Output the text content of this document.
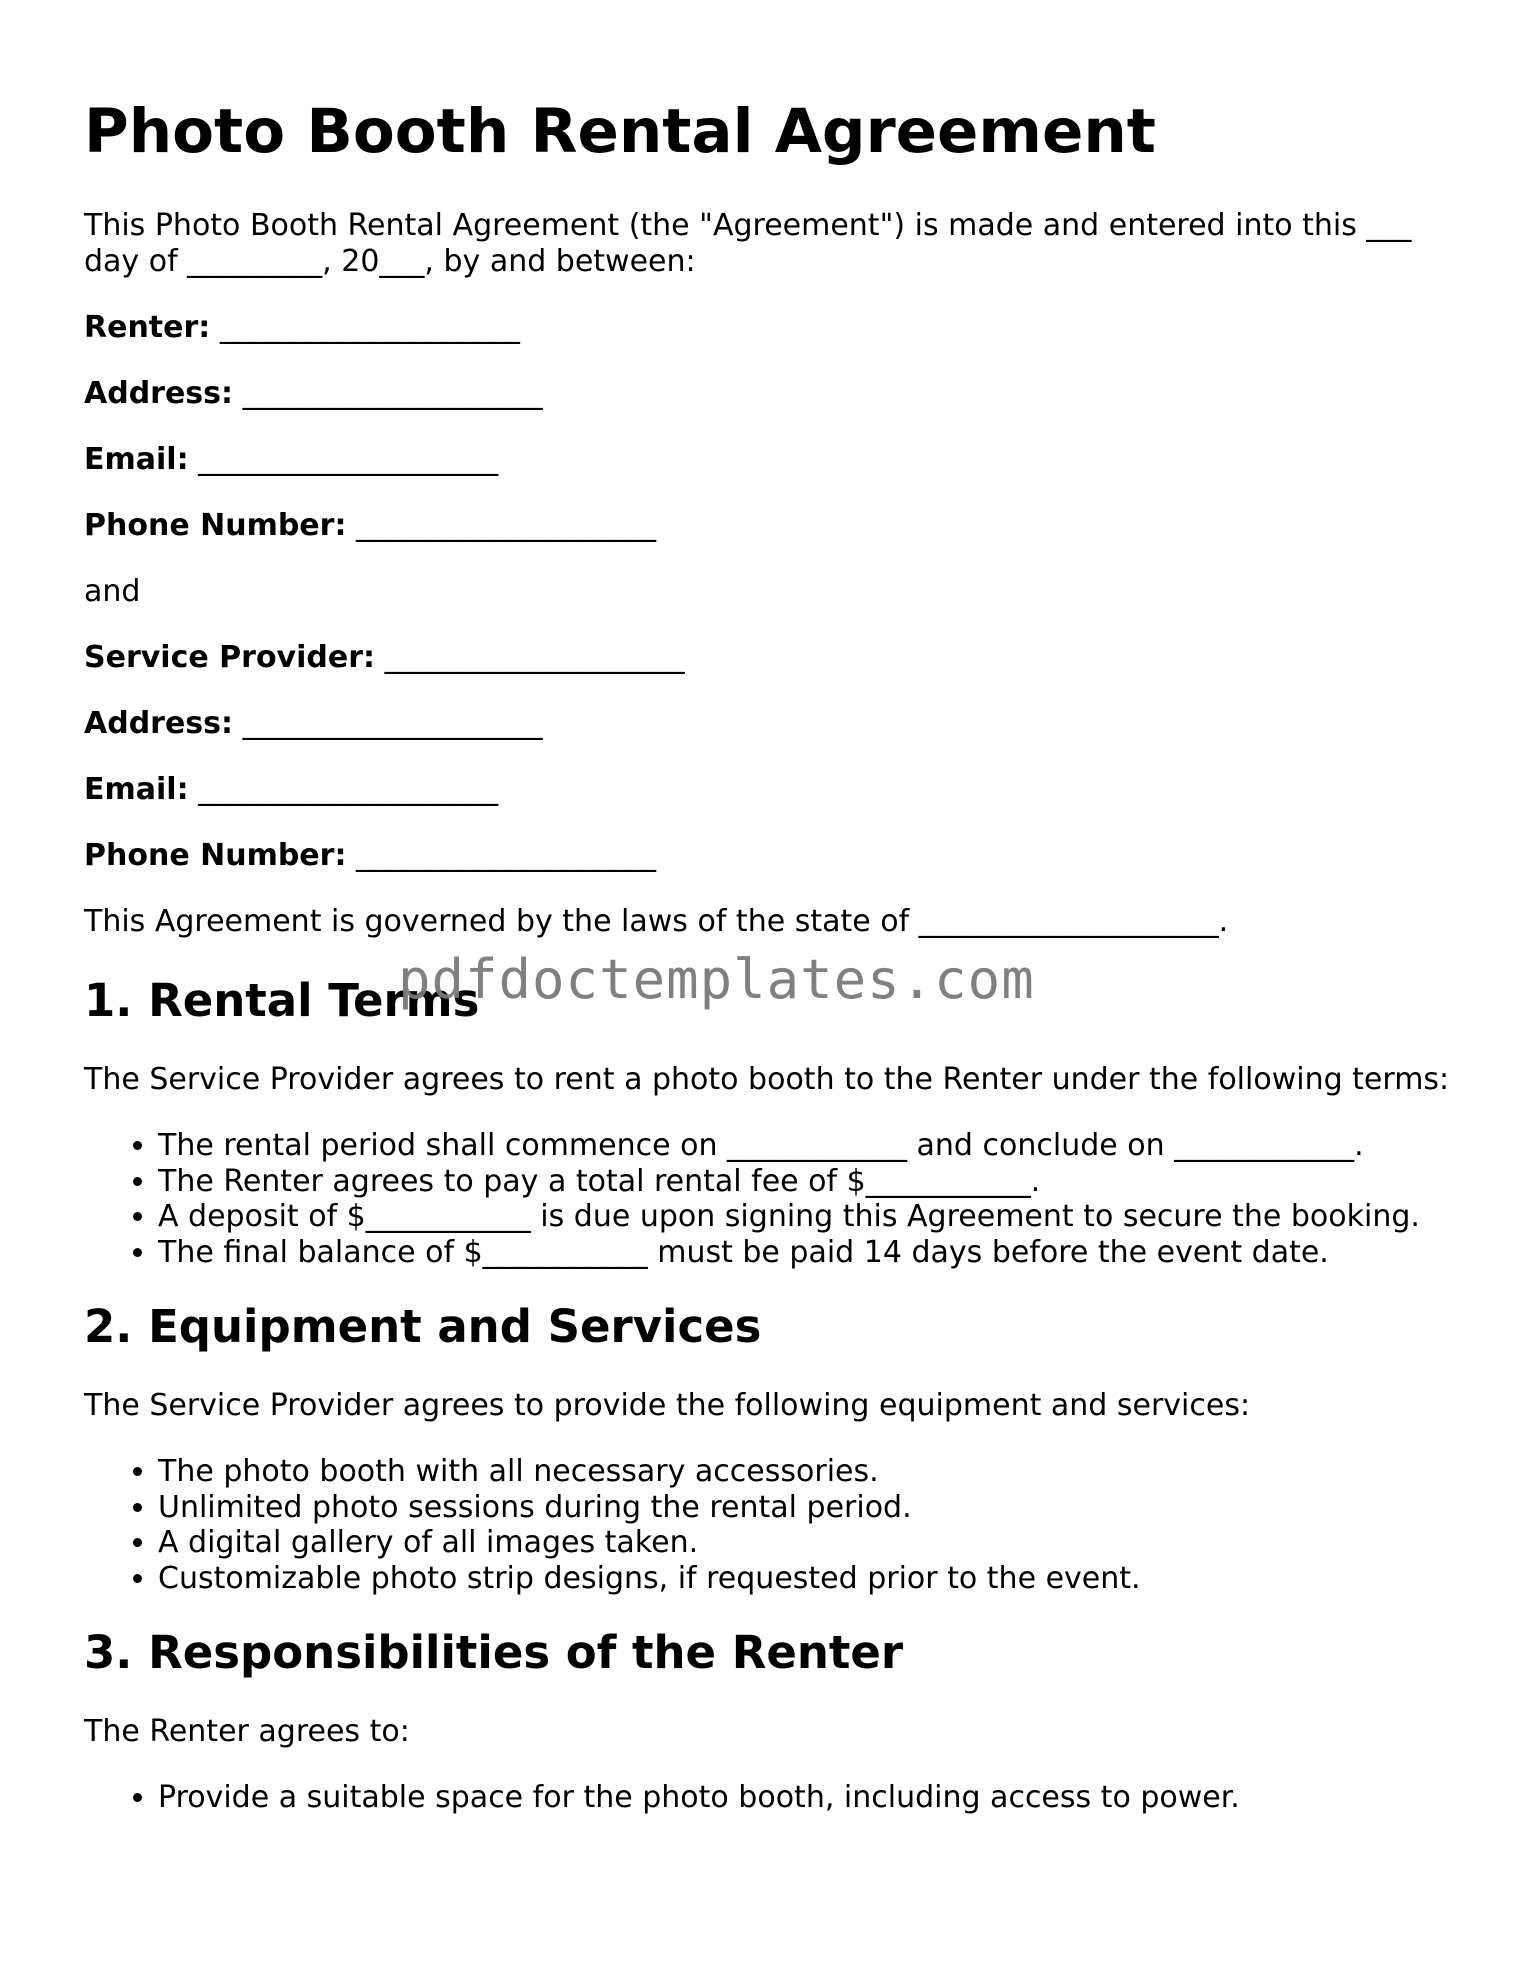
Photo Booth Rental Agreement

This Photo Booth Rental Agreement (the "Agreement") is made and entered into this ___ day of _________, 20___, by and between:

Renter: ____________________

Address: ____________________

Email: ____________________

Phone Number: ____________________

and

Service Provider: ____________________

Address: ____________________

Email: ____________________

Phone Number: ____________________

This Agreement is governed by the laws of the state of ____________________.

1. Rental Terms

The Service Provider agrees to rent a photo booth to the Renter under the following terms:

• The rental period shall commence on ____________ and conclude on ____________.
• The Renter agrees to pay a total rental fee of $___________.
• A deposit of $___________ is due upon signing this Agreement to secure the booking.
• The final balance of $___________ must be paid 14 days before the event date.
2. Equipment and Services

The Service Provider agrees to provide the following equipment and services:

• The photo booth with all necessary accessories.
• Unlimited photo sessions during the rental period.
• A digital gallery of all images taken.
• Customizable photo strip designs, if requested prior to the event.
3. Responsibilities of the Renter

The Renter agrees to:

• Provide a suitable space for the photo booth, including access to power.
pdfdoctemplates.com
